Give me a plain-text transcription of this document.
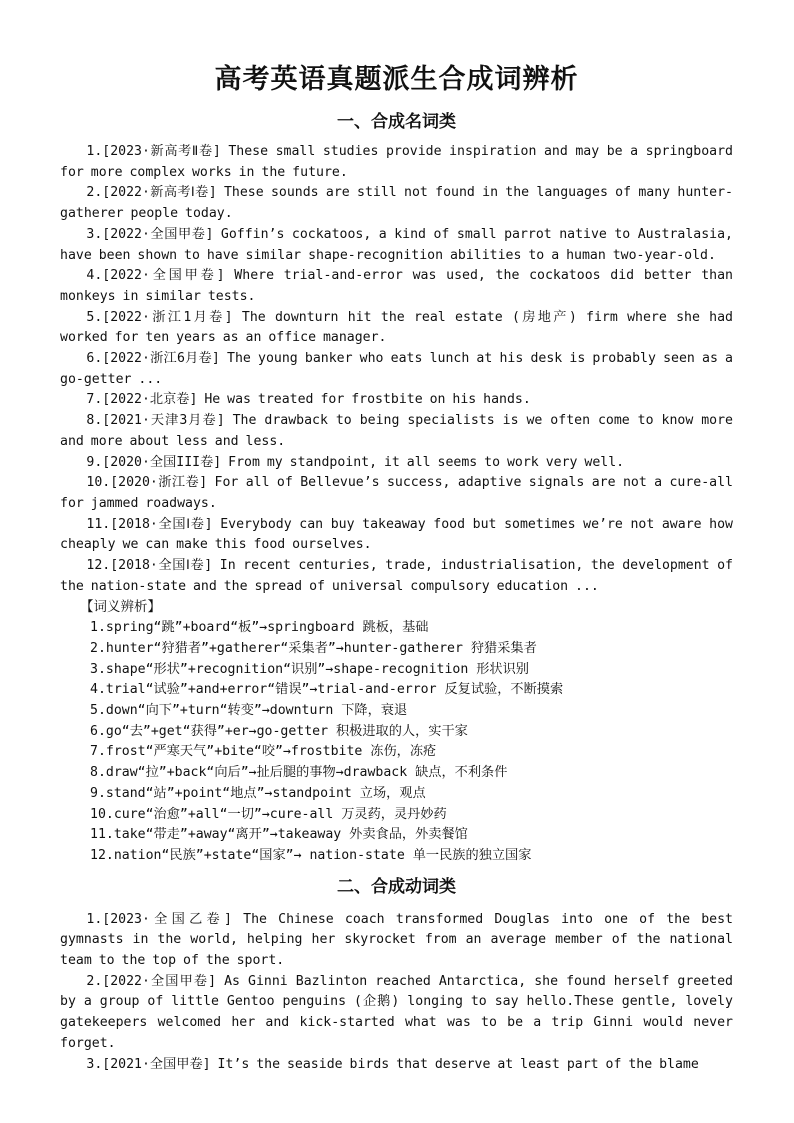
高考英语真题派生合成词辨析
一、合成名词类

1.[2023·新高考Ⅱ卷] These small studies provide inspiration and may be a springboard for more complex works in the future.

2.[2022·新高考Ⅰ卷] These sounds are still not found in the languages of many hunter-gatherer people today.

3.[2022·全国甲卷] Goffin’s cockatoos, a kind of small parrot native to Australasia, have been shown to have similar shape-recognition abilities to a human two-year-old.

4.[2022·全国甲卷] Where trial-and-error was used, the cockatoos did better than monkeys in similar tests.

5.[2022·浙江1月卷] The downturn hit the real estate (房地产) firm where she had worked for ten years as an office manager.

6.[2022·浙江6月卷] The young banker who eats lunch at his desk is probably seen as a go-getter ...

7.[2022·北京卷] He was treated for frostbite on his hands.

8.[2021·天津3月卷] The drawback to being specialists is we often come to know more and more about less and less.

9.[2020·全国III卷] From my standpoint, it all seems to work very well.

10.[2020·浙江卷] For all of Bellevue’s success, adaptive signals are not a cure-all for jammed roadways.

11.[2018·全国Ⅰ卷] Everybody can buy takeaway food but sometimes we’re not aware how cheaply we can make this food ourselves.

12.[2018·全国Ⅰ卷] In recent centuries, trade, industrialisation, the development of the nation-state and the spread of universal compulsory education ...

【词义辨析】

1.spring“跳”+board“板”→springboard 跳板，基础

2.hunter“狩猎者”+gatherer“采集者”→hunter-gatherer 狩猎采集者

3.shape“形状”+recognition“识别”→shape-recognition 形状识别

4.trial“试验”+and+error“错误”→trial-and-error 反复试验，不断摸索

5.down“向下”+turn“转变”→downturn 下降，衰退

6.go“去”+get“获得”+er→go-getter 积极进取的人，实干家

7.frost“严寒天气”+bite“咬”→frostbite 冻伤，冻疮

8.draw“拉”+back“向后”→扯后腿的事物→drawback 缺点，不利条件

9.stand“站”+point“地点”→standpoint 立场，观点

10.cure“治愈”+all“一切”→cure-all 万灵药，灵丹妙药

11.take“带走”+away“离开”→takeaway 外卖食品，外卖餐馆

12.nation“民族”+state“国家”→ nation-state 单一民族的独立国家

二、合成动词类

1.[2023·全国乙卷] The Chinese coach transformed Douglas into one of the best gymnasts in the world, helping her skyrocket from an average member of the national team to the top of the sport.

2.[2022·全国甲卷] As Ginni Bazlinton reached Antarctica, she found herself greeted by a group of little Gentoo penguins (企鹅) longing to say hello.These gentle, lovely gatekeepers welcomed her and kick-started what was to be a trip Ginni would never forget.

3.[2021·全国甲卷] It’s the seaside birds that deserve at least part of the blame
